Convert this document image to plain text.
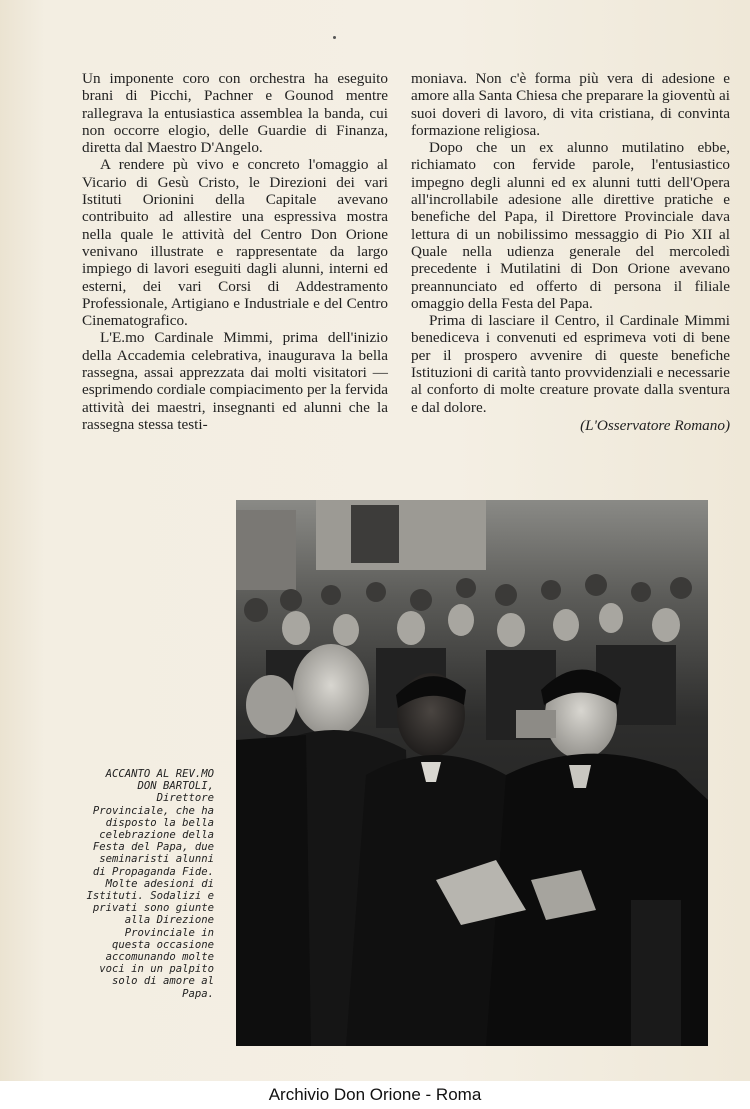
Un imponente coro con orchestra ha eseguito brani di Picchi, Pachner e Gounod mentre rallegrava la entusiastica assemblea la banda, cui non occorre elogio, delle Guardie di Finanza, diretta dal Maestro D'Angelo.

A rendere pù vivo e concreto l'omaggio al Vicario di Gesù Cristo, le Direzioni dei vari Istituti Orionini della Capitale avevano contribuito ad allestire una espressiva mostra nella quale le attività del Centro Don Orione venivano illustrate e rappresentate da largo impiego di lavori eseguiti dagli alunni, interni ed esterni, dei vari Corsi di Addestramento Professionale, Artigiano e Industriale e del Centro Cinematografico.

L'E.mo Cardinale Mimmi, prima dell'inizio della Accademia celebrativa, inaugurava la bella rassegna, assai apprezzata dai molti visitatori — esprimendo cordiale compiacimento per la fervida attività dei maestri, insegnanti ed alunni che la rassegna stessa testi-

moniava. Non c'è forma più vera di adesione e amore alla Santa Chiesa che preparare la gioventù ai suoi doveri di lavoro, di vita cristiana, di convinta formazione religiosa.

Dopo che un ex alunno mutilatino ebbe, richiamato con fervide parole, l'entusiastico impegno degli alunni ed ex alunni tutti dell'Opera all'incrollabile adesione alle direttive pratiche e benefiche del Papa, il Direttore Provinciale dava lettura di un nobilissimo messaggio di Pio XII al Quale nella udienza generale del mercoledì precedente i Mutilatini di Don Orione avevano preannunciato ed offerto di persona il filiale omaggio della Festa del Papa.

Prima di lasciare il Centro, il Cardinale Mimmi benediceva i convenuti ed esprimeva voti di bene per il prospero avvenire di queste benefiche Istituzioni di carità tanto provvidenziali e necessarie al conforto di molte creature provate dalla sventura e dal dolore.

(L'Osservatore Romano)
ACCANTO AL REV.MO DON BARTOLI, Direttore Provinciale, che ha disposto la bella celebrazione della Festa del Papa, due seminaristi alunni di Propaganda Fide. Molte adesioni di Istituti. Sodalizi e privati sono giunte alla Direzione Provinciale in questa occasione accomunando molte voci in un palpito solo di amore al Papa.
Archivio Don Orione - Roma
